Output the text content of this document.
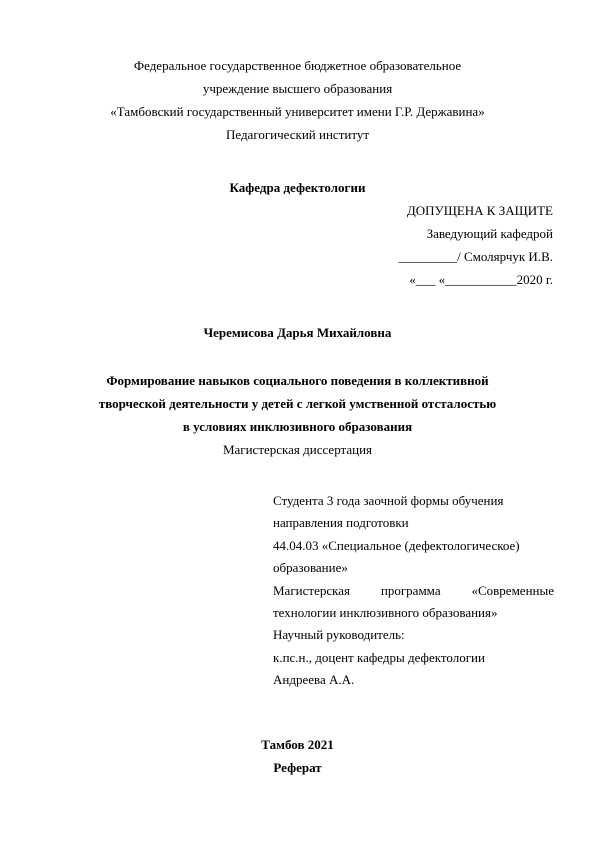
Федеральное государственное бюджетное образовательное
учреждение высшего образования
«Тамбовский государственный университет имени Г.Р. Державина»
Педагогический институт
Кафедра дефектологии
ДОПУЩЕНА К ЗАЩИТЕ
Заведующий кафедрой
_________/ Смолярчук И.В.
«___ «___________2020 г.
Черемисова Дарья Михайловна
Формирование навыков социального поведения в коллективной
творческой деятельности у детей с легкой умственной отсталостью
в условиях инклюзивного образования
Магистерская диссертация
Студента 3 года заочной формы обучения
направления подготовки
44.04.03 «Специальное (дефектологическое)
образование»
Магистерская программа «Современные
технологии инклюзивного образования»
Научный руководитель:
к.пс.н., доцент кафедры дефектологии
Андреева А.А.
Тамбов 2021
Реферат
